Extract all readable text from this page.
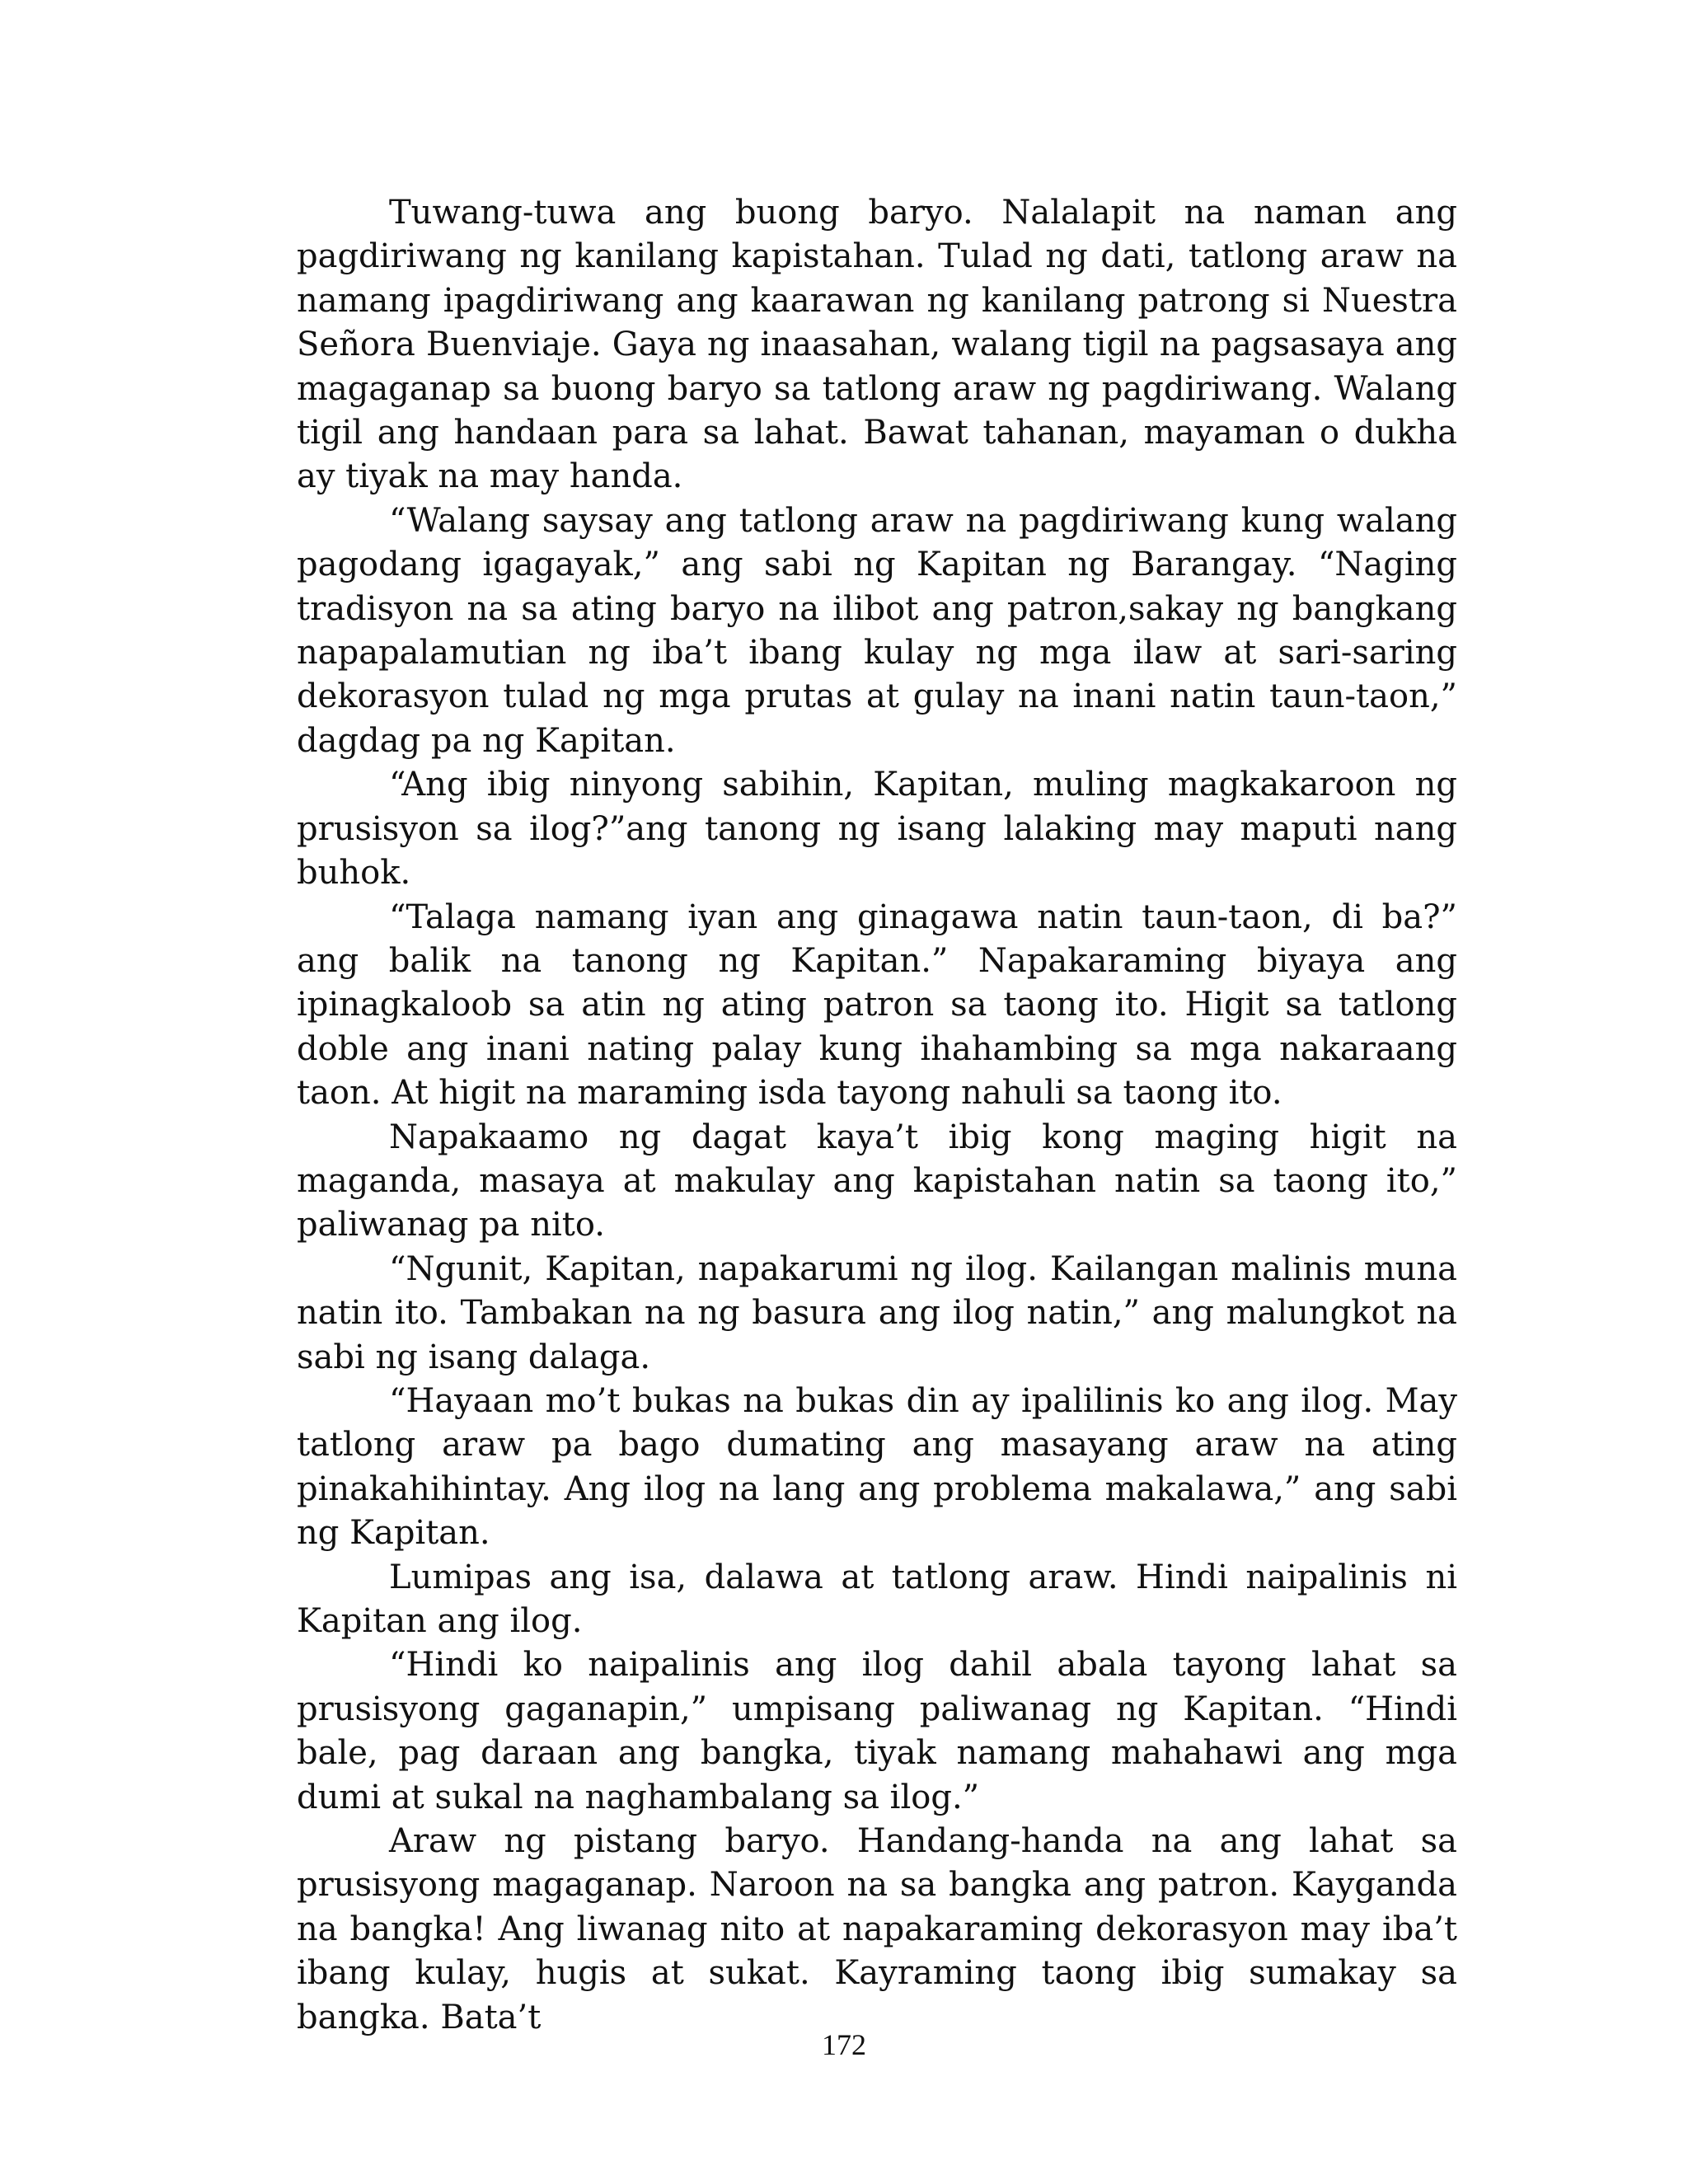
Tuwang-tuwa ang buong baryo. Nalalapit na naman ang pagdiriwang ng kanilang kapistahan. Tulad ng dati, tatlong araw na namang ipagdiriwang ang kaarawan ng kanilang patrong si Nuestra Señora Buenviaje. Gaya ng inaasahan, walang tigil na pagsasaya ang magaganap sa buong baryo sa tatlong araw ng pagdiriwang. Walang tigil ang handaan para sa lahat. Bawat tahanan, mayaman o dukha ay tiyak na may handa.

“Walang saysay ang tatlong araw na pagdiriwang kung walang pagodang igagayak,” ang sabi ng Kapitan ng Barangay. “Naging tradisyon na sa ating baryo na ilibot ang patron,sakay ng bangkang napapalamutian ng iba’t ibang kulay ng mga ilaw at sari-saring dekorasyon tulad ng mga prutas at gulay na inani natin taun-taon,” dagdag pa ng Kapitan.

“Ang ibig ninyong sabihin, Kapitan, muling magkakaroon ng prusisyon sa ilog?”ang tanong ng isang lalaking may maputi nang buhok.

“Talaga namang iyan ang ginagawa natin taun-taon, di ba?” ang balik na tanong ng Kapitan.” Napakaraming biyaya ang ipinagkaloob sa atin ng ating patron sa taong ito. Higit sa tatlong doble ang inani nating palay kung ihahambing sa mga nakaraang taon. At higit na maraming isda tayong nahuli sa taong ito.

Napakaamo ng dagat kaya’t ibig kong maging higit na maganda, masaya at makulay ang kapistahan natin sa taong ito,” paliwanag pa nito.

“Ngunit, Kapitan, napakarumi ng ilog. Kailangan malinis muna natin ito. Tambakan na ng basura ang ilog natin,” ang malungkot na sabi ng isang dalaga.

“Hayaan mo’t bukas na bukas din ay ipalilinis ko ang ilog. May tatlong araw pa bago dumating ang masayang araw na ating pinakahihintay. Ang ilog na lang ang problema makalawa,” ang sabi ng Kapitan.

Lumipas ang isa, dalawa at tatlong araw. Hindi naipalinis ni Kapitan ang ilog.

“Hindi ko naipalinis ang ilog dahil abala tayong lahat sa prusisyong gaganapin,” umpisang paliwanag ng Kapitan. “Hindi bale, pag daraan ang bangka, tiyak namang mahahawi ang mga dumi at sukal na naghambalang sa ilog.”

Araw ng pistang baryo. Handang-handa na ang lahat sa prusisyong magaganap. Naroon na sa bangka ang patron. Kayganda na bangka! Ang liwanag nito at napakaraming dekorasyon may iba’t ibang kulay, hugis at sukat. Kayraming taong ibig sumakay sa bangka. Bata’t

172
